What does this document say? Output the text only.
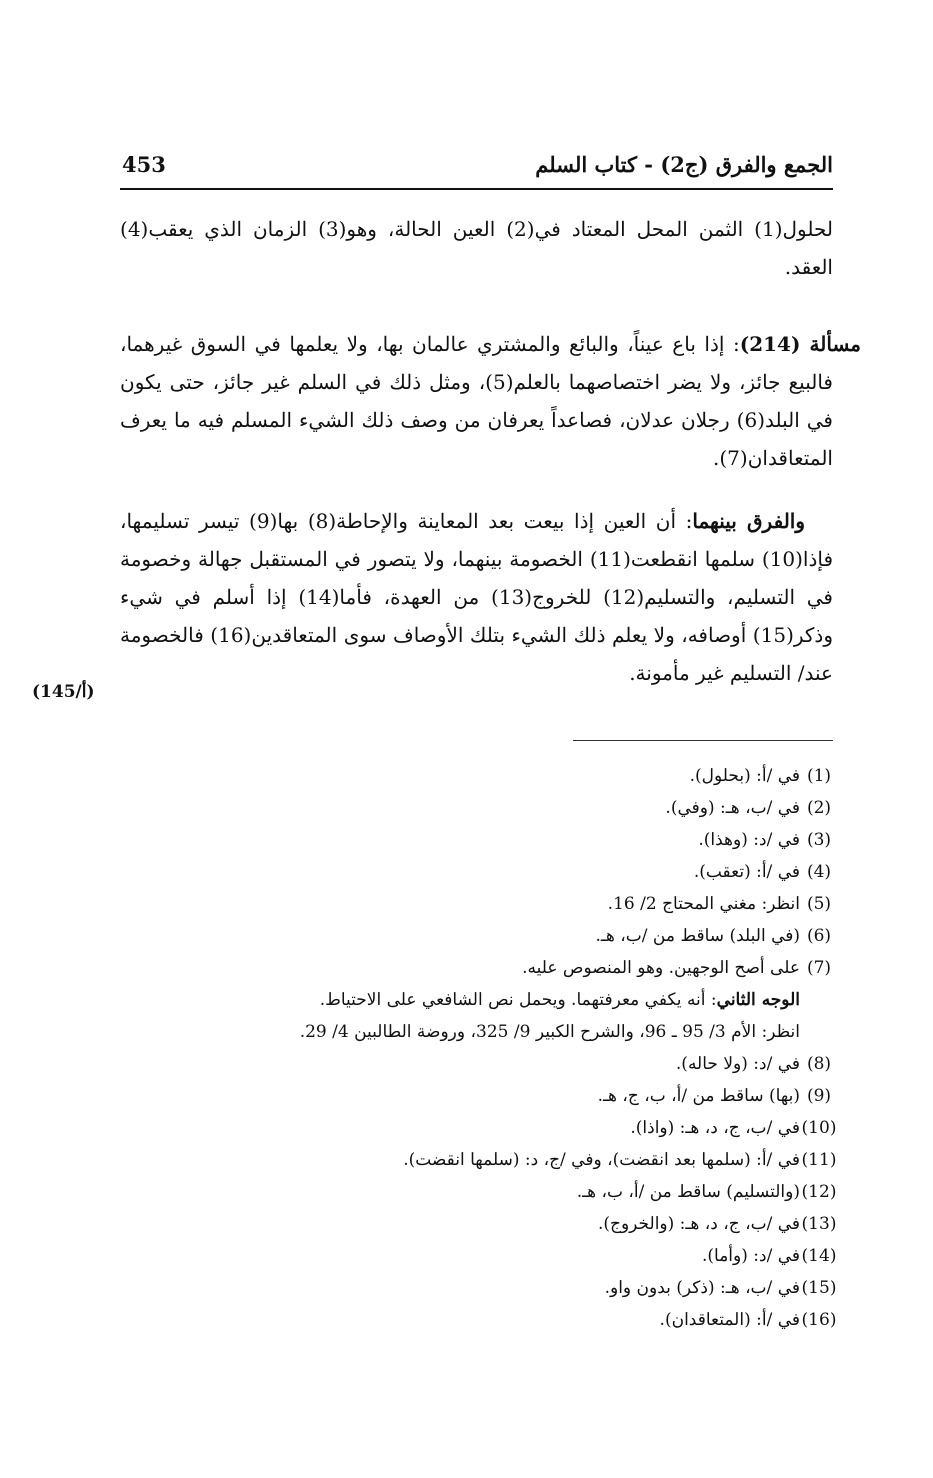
الجمع والفرق (ج2) - كتاب السلم
453
لحلول(1) الثمن المحل المعتاد في(2) العين الحالة، وهو(3) الزمان الذي يعقب(4) العقد.
مسألة (214): إذا باع عيناً، والبائع والمشتري عالمان بها، ولا يعلمها في السوق غيرهما، فالبيع جائز، ولا يضر اختصاصهما بالعلم(5)، ومثل ذلك في السلم غير جائز، حتى يكون في البلد(6) رجلان عدلان، فصاعداً يعرفان من وصف ذلك الشيء المسلم فيه ما يعرف المتعاقدان(7).
والفرق بينهما: أن العين إذا بيعت بعد المعاينة والإحاطة(8) بها(9) تيسر تسليمها، فإذا(10) سلمها انقطعت(11) الخصومة بينهما، ولا يتصور في المستقبل جهالة وخصومة في التسليم، والتسليم(12) للخروج(13) من العهدة، فأما(14) إذا أسلم في شيء وذكر(15) أوصافه، ولا يعلم ذلك الشيء بتلك الأوصاف سوى المتعاقدين(16) فالخصومة عند/ التسليم غير مأمونة.
(145/أ)
(1)
في /أ: (بحلول).
(2)
في /ب، هـ: (وفي).
(3)
في /د: (وهذا).
(4)
في /أ: (تعقب).
(5)
انظر: مغني المحتاج 2/ 16.
(6)
(في البلد) ساقط من /ب، هـ.
(7)
على أصح الوجهين. وهو المنصوص عليه.
الوجه الثاني: أنه يكفي معرفتهما. ويحمل نص الشافعي على الاحتياط.
انظر: الأم 3/ 95 ـ 96، والشرح الكبير 9/ 325، وروضة الطالبين 4/ 29.
(8)
في /د: (ولا حاله).
(9)
(بها) ساقط من /أ، ب، ج، هـ.
(10)
في /ب، ج، د، هـ: (واذا).
(11)
في /أ: (سلمها بعد انقضت)، وفي /ج، د: (سلمها انقضت).
(12)
(والتسليم) ساقط من /أ، ب، هـ.
(13)
في /ب، ج، د، هـ: (والخروج).
(14)
في /د: (وأما).
(15)
في /ب، هـ: (ذكر) بدون واو.
(16)
في /أ: (المتعاقدان).
